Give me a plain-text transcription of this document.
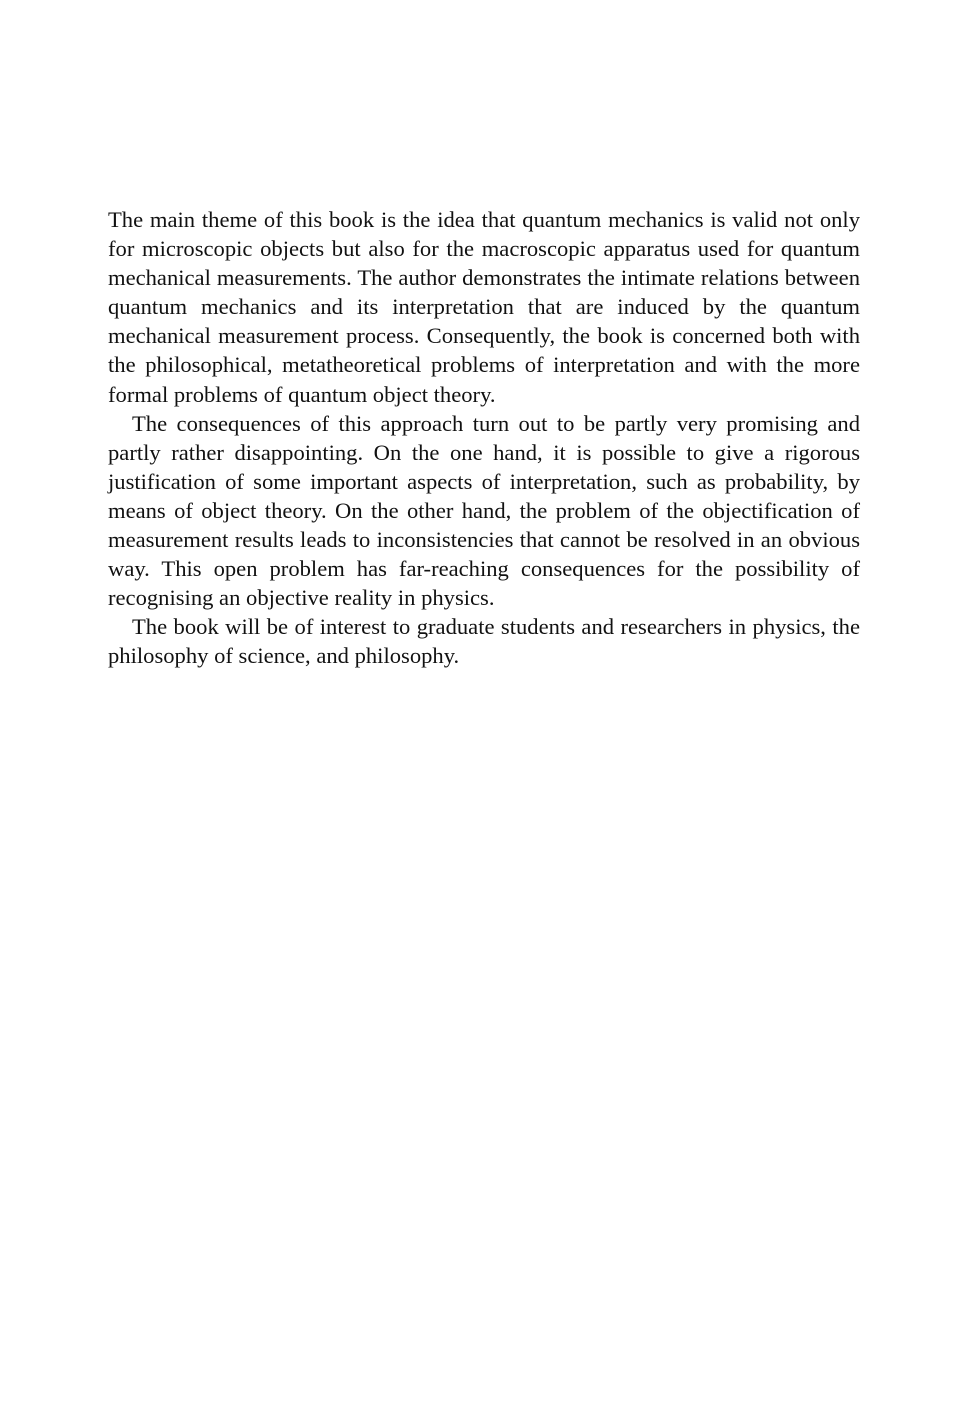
The main theme of this book is the idea that quantum mechanics is valid not only for microscopic objects but also for the macroscopic apparatus used for quantum mechanical measurements. The author demonstrates the intimate relations between quantum mechanics and its interpretation that are induced by the quantum mechanical measurement process. Consequently, the book is concerned both with the philosophical, metatheoretical problems of interpretation and with the more formal problems of quantum object theory.

The consequences of this approach turn out to be partly very promising and partly rather disappointing. On the one hand, it is possible to give a rigorous justification of some important aspects of interpretation, such as probability, by means of object theory. On the other hand, the problem of the objectification of measurement results leads to inconsistencies that cannot be resolved in an obvious way. This open problem has far-reaching consequences for the possibility of recognising an objective reality in physics.

The book will be of interest to graduate students and researchers in physics, the philosophy of science, and philosophy.
